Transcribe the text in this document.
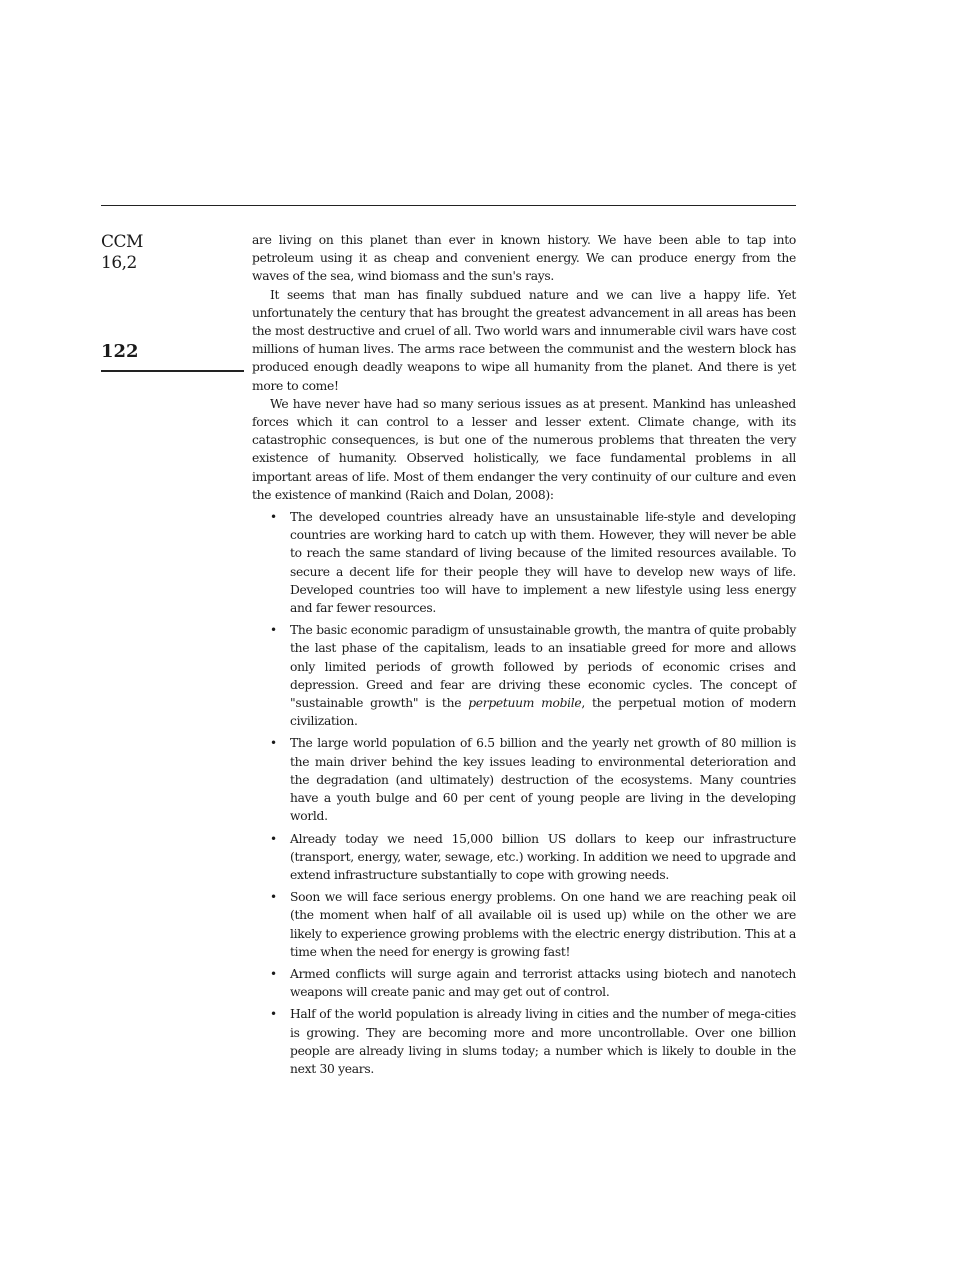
CCM
16,2
122

are living on this planet than ever in known history. We have been able to tap into petroleum using it as cheap and convenient energy. We can produce energy from the waves of the sea, wind biomass and the sun's rays.

It seems that man has finally subdued nature and we can live a happy life. Yet unfortunately the century that has brought the greatest advancement in all areas has been the most destructive and cruel of all. Two world wars and innumerable civil wars have cost millions of human lives. The arms race between the communist and the western block has produced enough deadly weapons to wipe all humanity from the planet. And there is yet more to come!

We have never have had so many serious issues as at present. Mankind has unleashed forces which it can control to a lesser and lesser extent. Climate change, with its catastrophic consequences, is but one of the numerous problems that threaten the very existence of humanity. Observed holistically, we face fundamental problems in all important areas of life. Most of them endanger the very continuity of our culture and even the existence of mankind (Raich and Dolan, 2008):

• The developed countries already have an unsustainable life-style and developing countries are working hard to catch up with them. However, they will never be able to reach the same standard of living because of the limited resources available. To secure a decent life for their people they will have to develop new ways of life. Developed countries too will have to implement a new lifestyle using less energy and far fewer resources.
• The basic economic paradigm of unsustainable growth, the mantra of quite probably the last phase of the capitalism, leads to an insatiable greed for more and allows only limited periods of growth followed by periods of economic crises and depression. Greed and fear are driving these economic cycles. The concept of "sustainable growth" is the perpetuum mobile, the perpetual motion of modern civilization.
• The large world population of 6.5 billion and the yearly net growth of 80 million is the main driver behind the key issues leading to environmental deterioration and the degradation (and ultimately) destruction of the ecosystems. Many countries have a youth bulge and 60 per cent of young people are living in the developing world.
• Already today we need 15,000 billion US dollars to keep our infrastructure (transport, energy, water, sewage, etc.) working. In addition we need to upgrade and extend infrastructure substantially to cope with growing needs.
• Soon we will face serious energy problems. On one hand we are reaching peak oil (the moment when half of all available oil is used up) while on the other we are likely to experience growing problems with the electric energy distribution. This at a time when the need for energy is growing fast!
• Armed conflicts will surge again and terrorist attacks using biotech and nanotech weapons will create panic and may get out of control.
• Half of the world population is already living in cities and the number of mega-cities is growing. They are becoming more and more uncontrollable. Over one billion people are already living in slums today; a number which is likely to double in the next 30 years.
